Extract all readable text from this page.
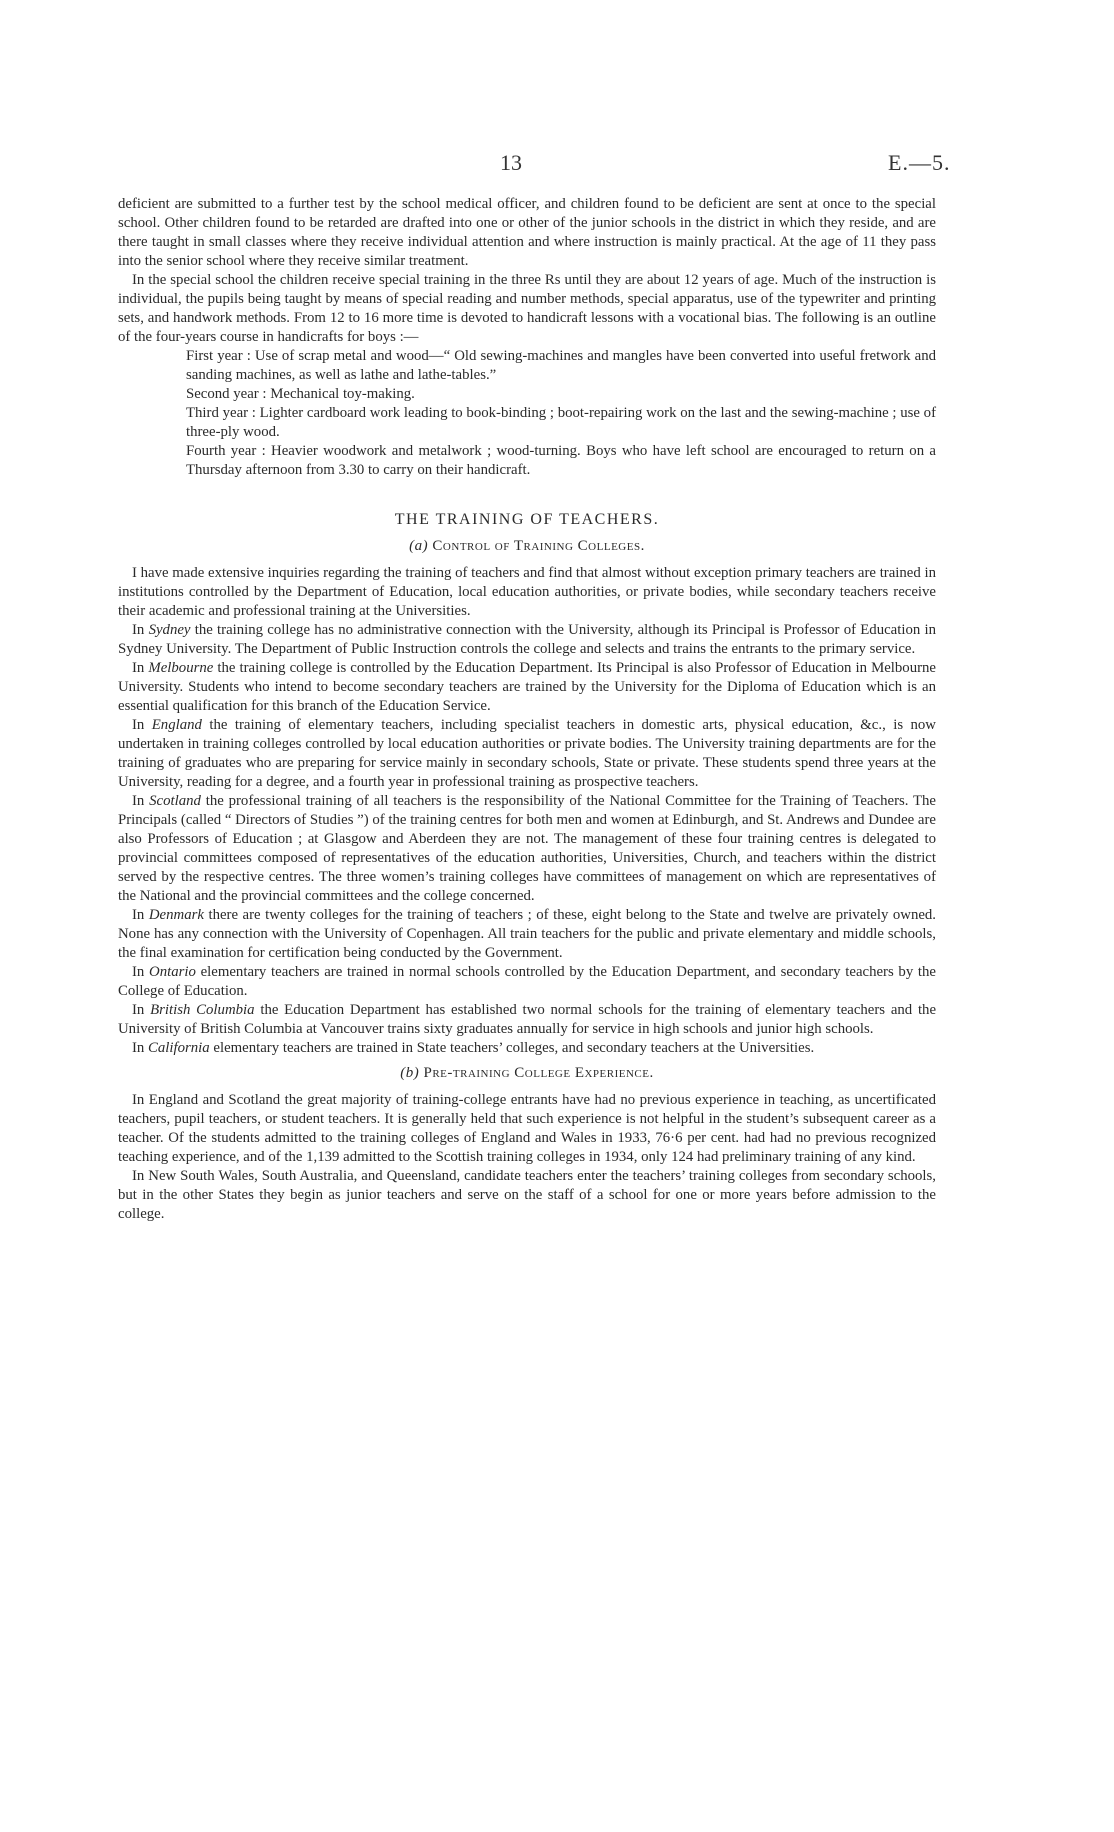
13	E.—5.

deficient are submitted to a further test by the school medical officer, and children found to be deficient are sent at once to the special school. Other children found to be retarded are drafted into one or other of the junior schools in the district in which they reside, and are there taught in small classes where they receive individual attention and where instruction is mainly practical. At the age of 11 they pass into the senior school where they receive similar treatment.

In the special school the children receive special training in the three Rs until they are about 12 years of age. Much of the instruction is individual, the pupils being taught by means of special reading and number methods, special apparatus, use of the typewriter and printing sets, and handwork methods. From 12 to 16 more time is devoted to handicraft lessons with a vocational bias. The following is an outline of the four-years course in handicrafts for boys :—

First year : Use of scrap metal and wood—“ Old sewing-machines and mangles have been converted into useful fretwork and sanding machines, as well as lathe and lathe-tables.”
Second year : Mechanical toy-making.
Third year : Lighter cardboard work leading to book-binding ; boot-repairing work on the last and the sewing-machine ; use of three-ply wood.
Fourth year : Heavier woodwork and metalwork ; wood-turning. Boys who have left school are encouraged to return on a Thursday afternoon from 3.30 to carry on their handicraft.
THE TRAINING OF TEACHERS.
(a) Control of Training Colleges.

I have made extensive inquiries regarding the training of teachers and find that almost without exception primary teachers are trained in institutions controlled by the Department of Education, local education authorities, or private bodies, while secondary teachers receive their academic and professional training at the Universities.

In Sydney the training college has no administrative connection with the University, although its Principal is Professor of Education in Sydney University. The Department of Public Instruction controls the college and selects and trains the entrants to the primary service.

In Melbourne the training college is controlled by the Education Department. Its Principal is also Professor of Education in Melbourne University. Students who intend to become secondary teachers are trained by the University for the Diploma of Education which is an essential qualification for this branch of the Education Service.

In England the training of elementary teachers, including specialist teachers in domestic arts, physical education, &c., is now undertaken in training colleges controlled by local education authorities or private bodies. The University training departments are for the training of graduates who are preparing for service mainly in secondary schools, State or private. These students spend three years at the University, reading for a degree, and a fourth year in professional training as prospective teachers.

In Scotland the professional training of all teachers is the responsibility of the National Committee for the Training of Teachers. The Principals (called “ Directors of Studies ”) of the training centres for both men and women at Edinburgh, and St. Andrews and Dundee are also Professors of Education ; at Glasgow and Aberdeen they are not. The management of these four training centres is delegated to provincial committees composed of representatives of the education authorities, Universities, Church, and teachers within the district served by the respective centres. The three women’s training colleges have committees of management on which are representatives of the National and the provincial committees and the college concerned.

In Denmark there are twenty colleges for the training of teachers ; of these, eight belong to the State and twelve are privately owned. None has any connection with the University of Copenhagen. All train teachers for the public and private elementary and middle schools, the final examination for certification being conducted by the Government.

In Ontario elementary teachers are trained in normal schools controlled by the Education Department, and secondary teachers by the College of Education.

In British Columbia the Education Department has established two normal schools for the training of elementary teachers and the University of British Columbia at Vancouver trains sixty graduates annually for service in high schools and junior high schools.

In California elementary teachers are trained in State teachers’ colleges, and secondary teachers at the Universities.

(b) Pre-training College Experience.

In England and Scotland the great majority of training-college entrants have had no previous experience in teaching, as uncertificated teachers, pupil teachers, or student teachers. It is generally held that such experience is not helpful in the student’s subsequent career as a teacher. Of the students admitted to the training colleges of England and Wales in 1933, 76·6 per cent. had had no previous recognized teaching experience, and of the 1,139 admitted to the Scottish training colleges in 1934, only 124 had preliminary training of any kind.

In New South Wales, South Australia, and Queensland, candidate teachers enter the teachers’ training colleges from secondary schools, but in the other States they begin as junior teachers and serve on the staff of a school for one or more years before admission to the college.
